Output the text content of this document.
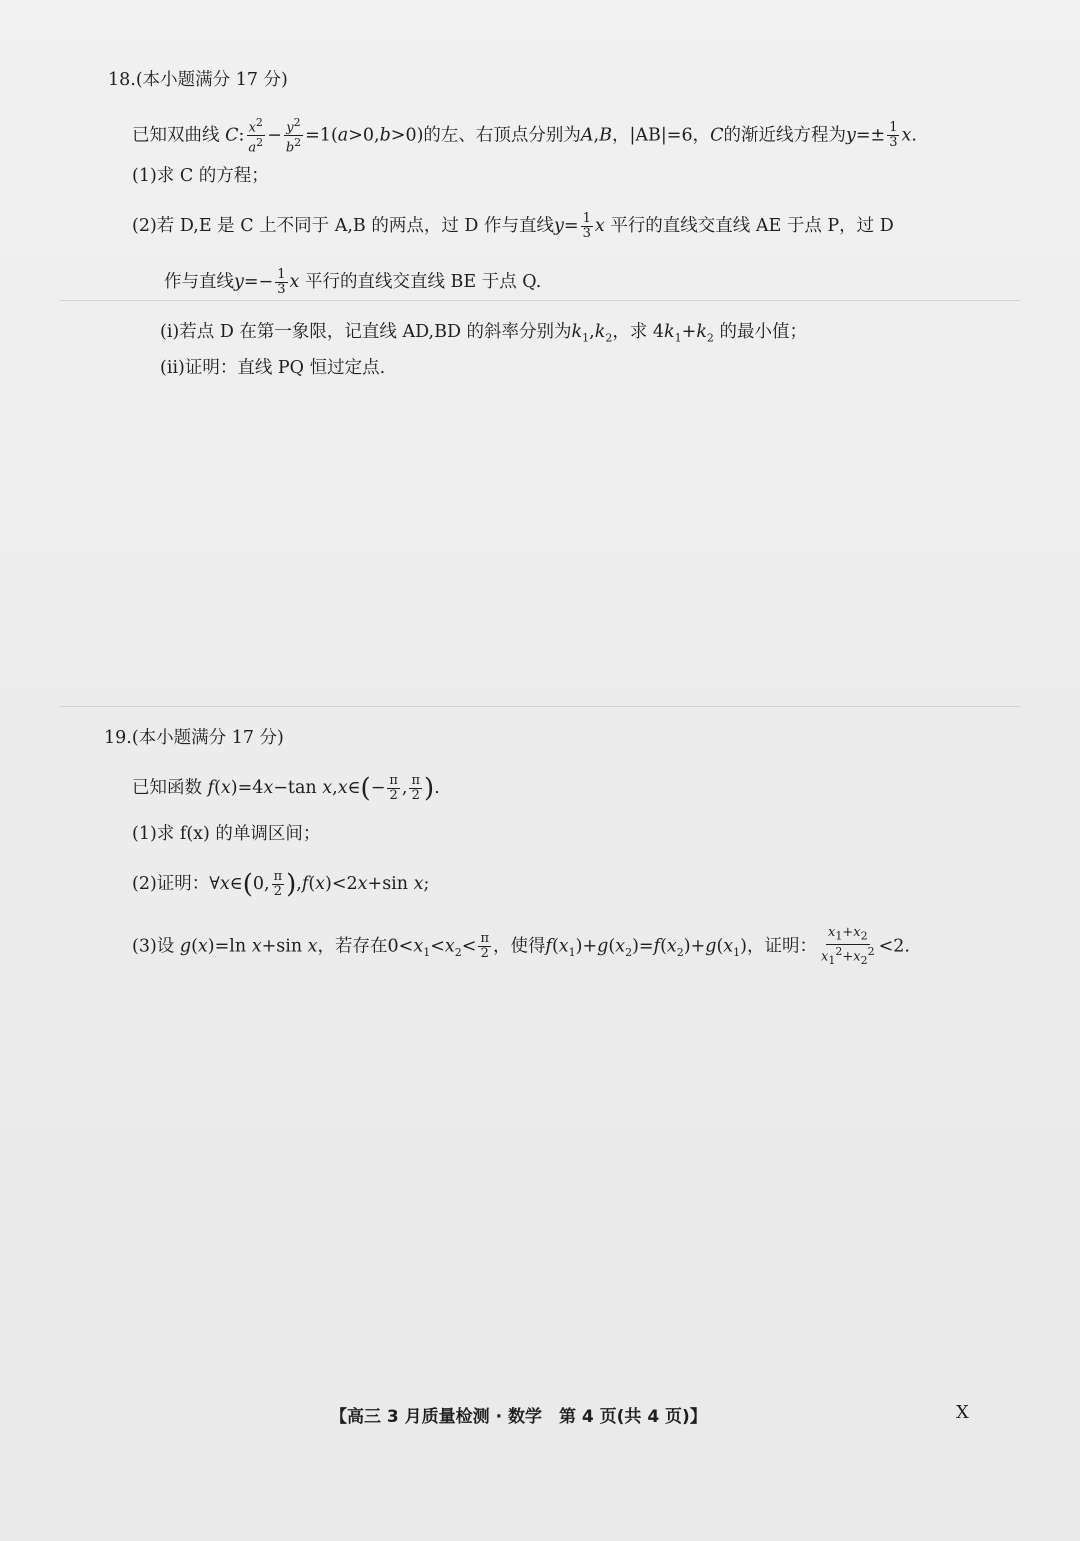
18.(本小题满分 17 分)
已知双曲线 C: $\frac{x^2}{a^2} - \frac{y^2}{b^2} =1(a>0,b>0)$的左、右顶点分别为A,B，|AB|=6，C的渐近线方程为$y=\pm \frac{1}{3} x$.
(1)求 C 的方程；
(2)若 D,E 是 C 上不同于 A,B 的两点，过 D 作与直线$y= \frac{1}{3}$ x 平行的直线交直线 AE 于点 P，过 D
作与直线$y=- \frac{1}{3}$ x 平行的直线交直线 BE 于点 Q.
(ⅰ)若点 D 在第一象限，记直线 AD,BD 的斜率分别为$k_1,k_2$，求 $4k_1+k_2$ 的最小值；
(ⅱ)证明：直线 PQ 恒过定点.
19.(本小题满分 17 分)
已知函数 f(x)=4x−tan x,x∈(− $\frac{\pi}{2}$ , $\frac{\pi}{2}$ ).
(1)求 f(x) 的单调区间；
(2)证明：∀x∈(0, $\frac{\pi}{2} ),f(x)<2x+\sin$ x;
(3)设 g(x)=ln x+sin x，若存在$0<x_1<x_2< \frac{\pi}{2}$ ，使得$f(x_1)+g(x_2)=f(x_2)+g(x_1)$，证明： $\frac{x_1+x_2}{x_1^2+x_2^2} <2$.
【高三 3 月质量检测 · 数学　第 4 页(共 4 页)】	X
